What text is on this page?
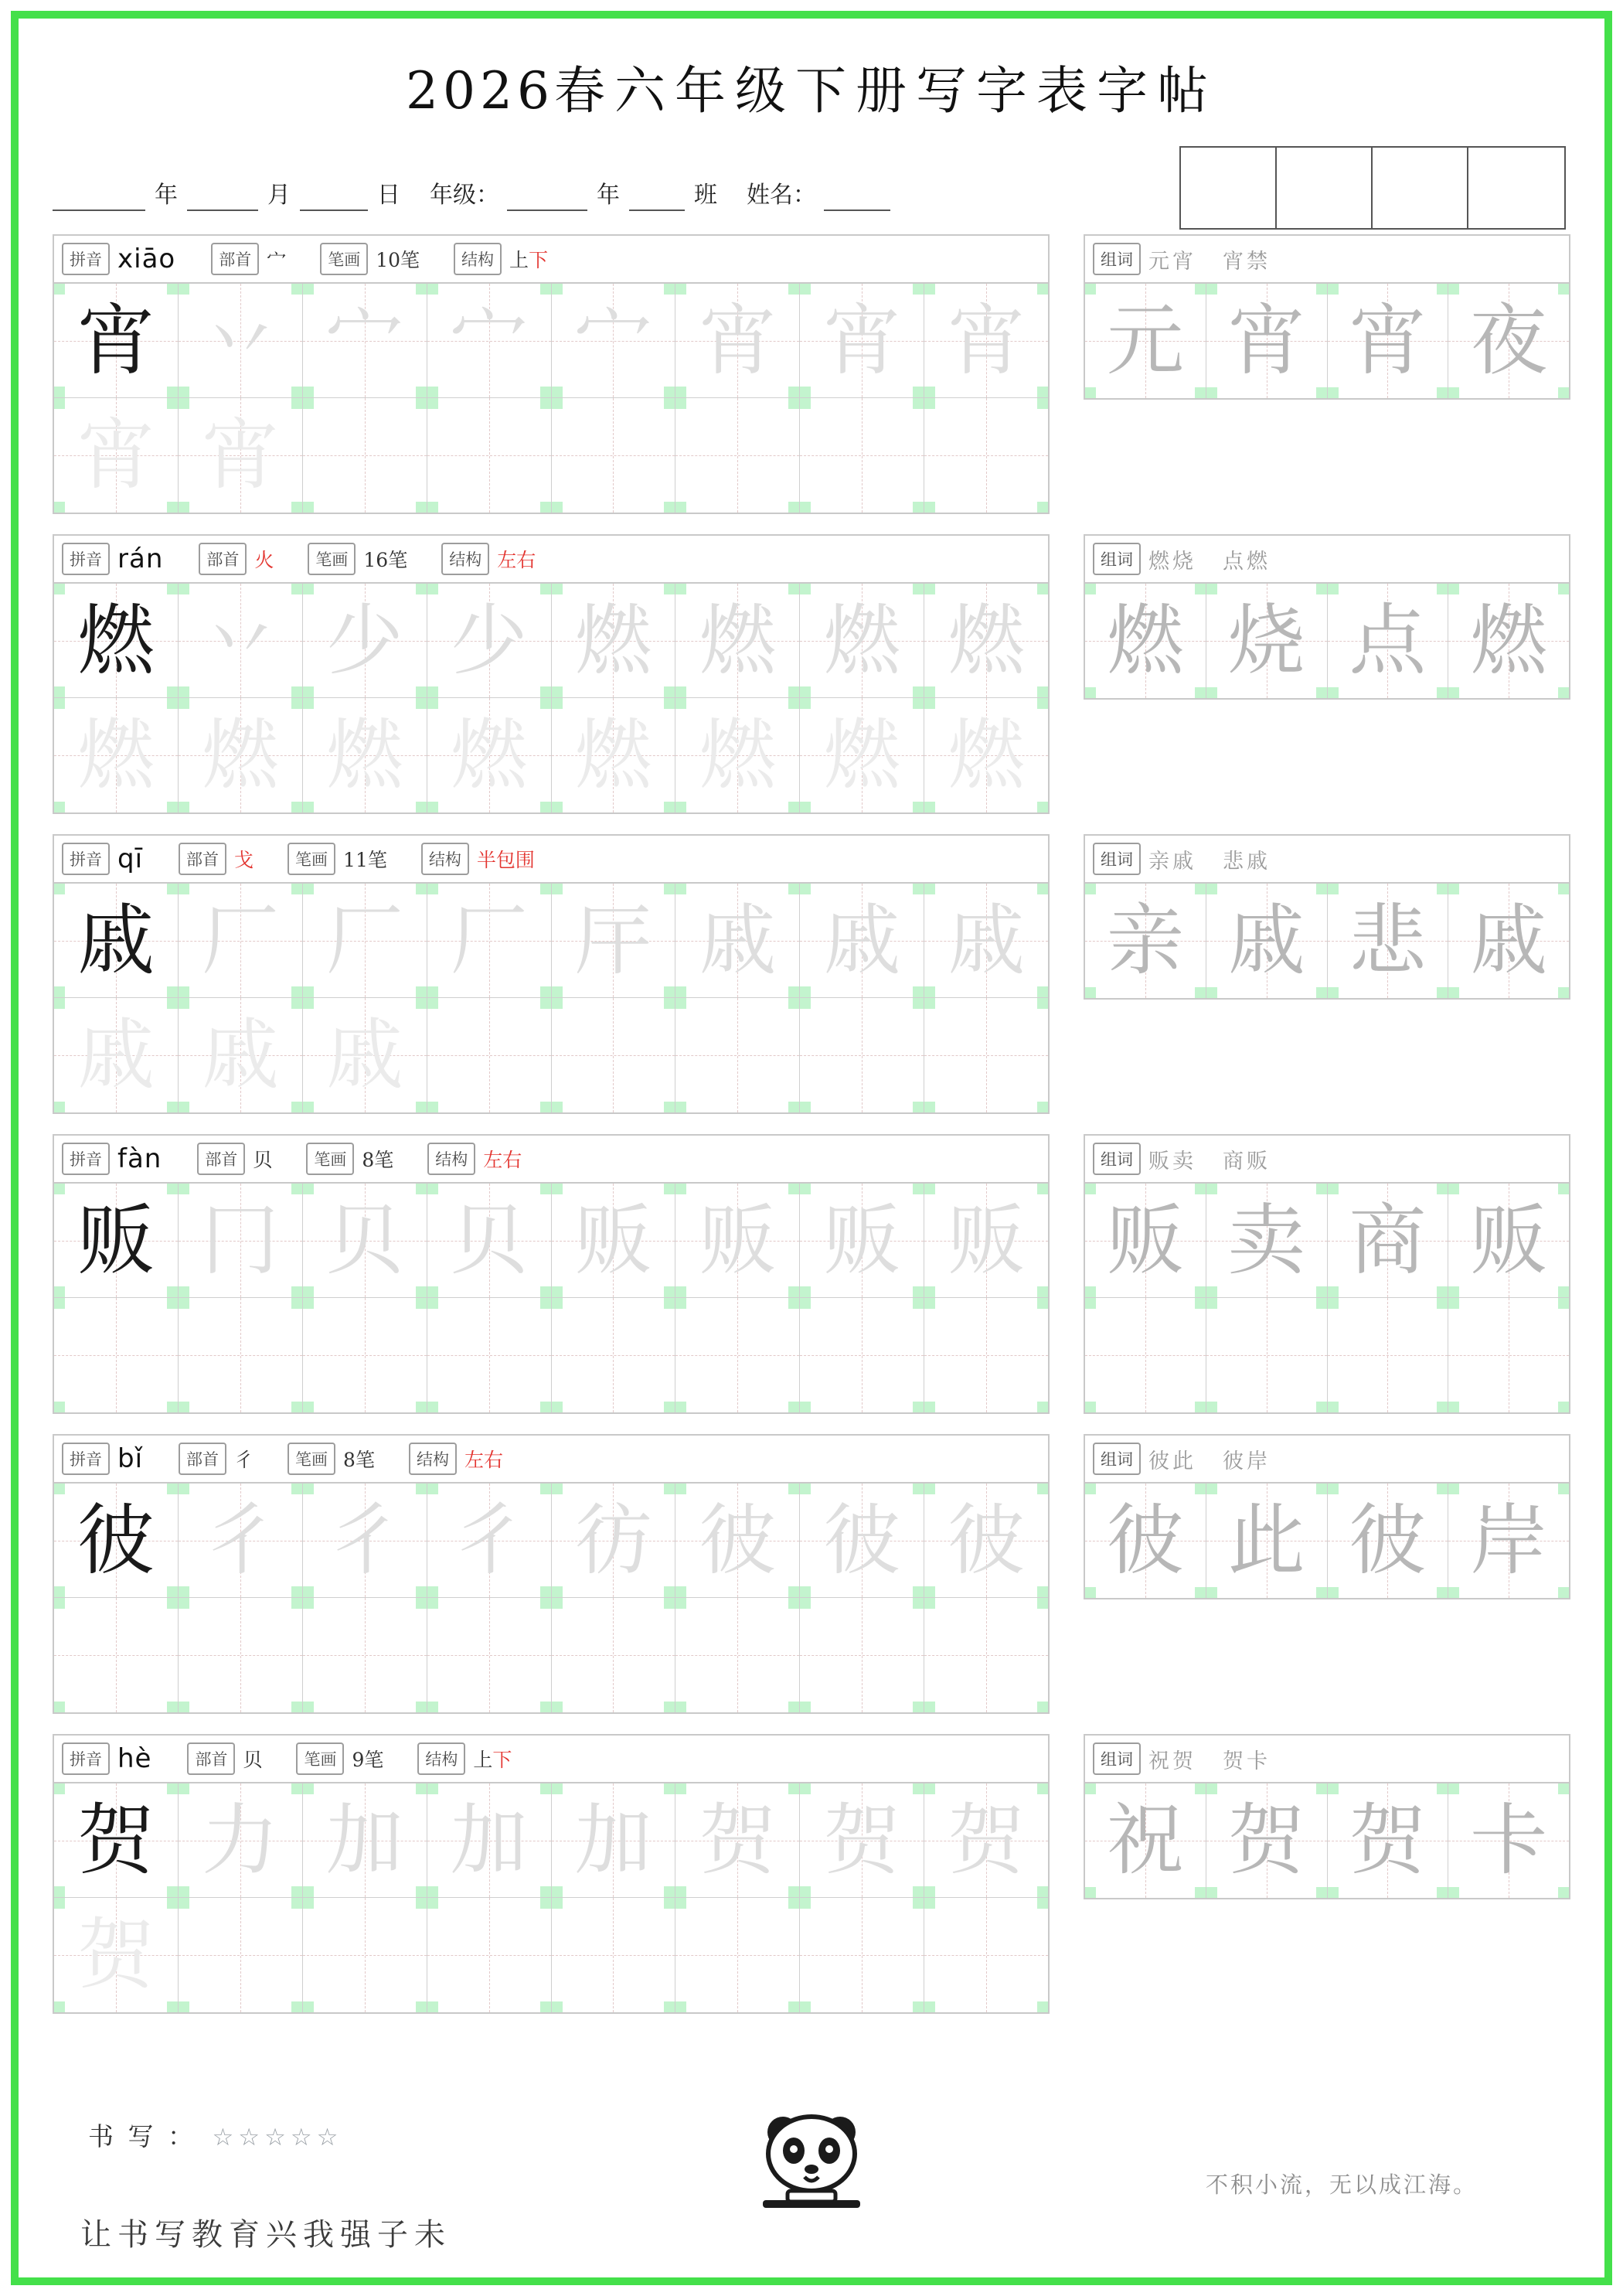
2026春六年级下册写字表字帖
年	月	日	年级：	年	班	姓名：
拼音 xiāo	部首 宀	笔画 10笔	结构 上下
宵 丷 宀 宀 宀 宵 宵 宵
宵 宵
组词 元宵 宵禁
元 宵 宵 夜
拼音 rán	部首 火	笔画 16笔	结构 左右
燃 丷 少 少 燃 燃 燃 燃
燃 燃 燃 燃 燃 燃 燃 燃
组词 燃烧 点燃
燃 烧 点 燃
拼音 qī	部首 戈	笔画 11笔	结构 半包围
戚 厂 厂 厂 厈 戚 戚 戚
戚 戚 戚
组词 亲戚 悲戚
亲 戚 悲 戚
拼音 fàn	部首 贝	笔画 8笔	结构 左右
贩 冂 贝 贝 贩 贩 贩 贩
组词 贩卖 商贩
贩 卖 商 贩
拼音 bǐ	部首 彳	笔画 8笔	结构 左右
彼 彳 彳 彳 彷 彼 彼 彼
组词 彼此 彼岸
彼 此 彼 岸
拼音 hè	部首 贝	笔画 9笔	结构 上下
贺 力 加 加 加 贺 贺 贺
贺
组词 祝贺 贺卡
祝 贺 贺 卡
书 写 ： ☆☆☆☆☆
不积小流，无以成江海。
让书写教育兴我强子未
